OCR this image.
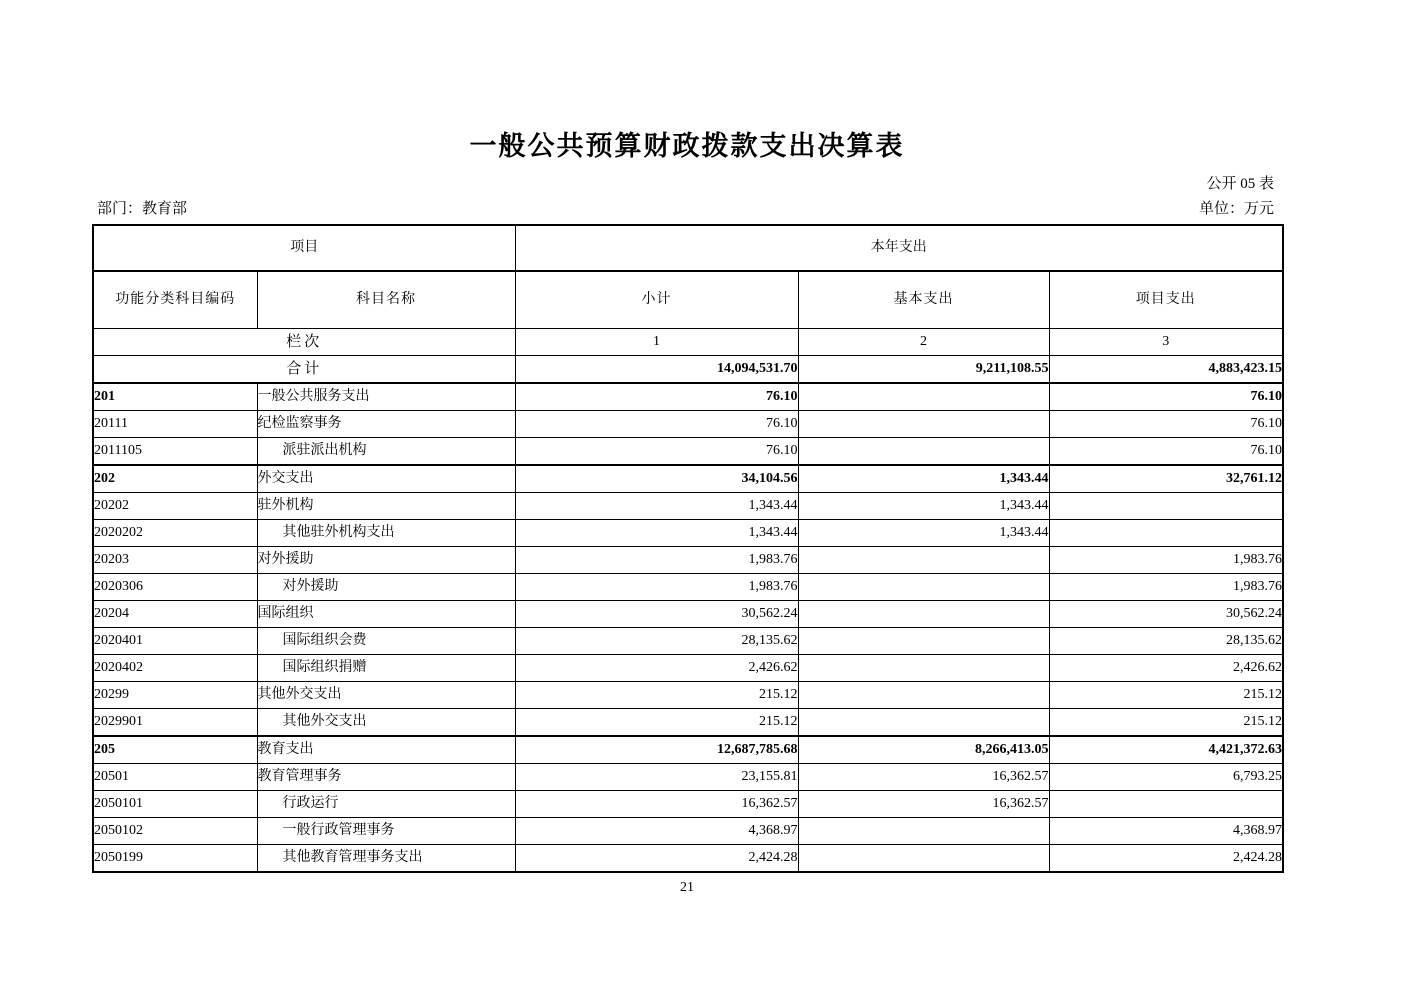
一般公共预算财政拨款支出决算表
公开 05 表
部门：教育部	单位：万元
项目		本年支出		
功能分类科目编码	科目名称	小计	基本支出	项目支出
栏次		1	2	3
合计		14,094,531.70	9,211,108.55	4,883,423.15
201	一般公共服务支出	76.10		76.10
20111	纪检监察事务	76.10		76.10
2011105	派驻派出机构	76.10		76.10
202	外交支出	34,104.56	1,343.44	32,761.12
20202	驻外机构	1,343.44	1,343.44	
2020202	其他驻外机构支出	1,343.44	1,343.44	
20203	对外援助	1,983.76		1,983.76
2020306	对外援助	1,983.76		1,983.76
20204	国际组织	30,562.24		30,562.24
2020401	国际组织会费	28,135.62		28,135.62
2020402	国际组织捐赠	2,426.62		2,426.62
20299	其他外交支出	215.12		215.12
2029901	其他外交支出	215.12		215.12
205	教育支出	12,687,785.68	8,266,413.05	4,421,372.63
20501	教育管理事务	23,155.81	16,362.57	6,793.25
2050101	行政运行	16,362.57	16,362.57	
2050102	一般行政管理事务	4,368.97		4,368.97
2050199	其他教育管理事务支出	2,424.28		2,424.28
21
